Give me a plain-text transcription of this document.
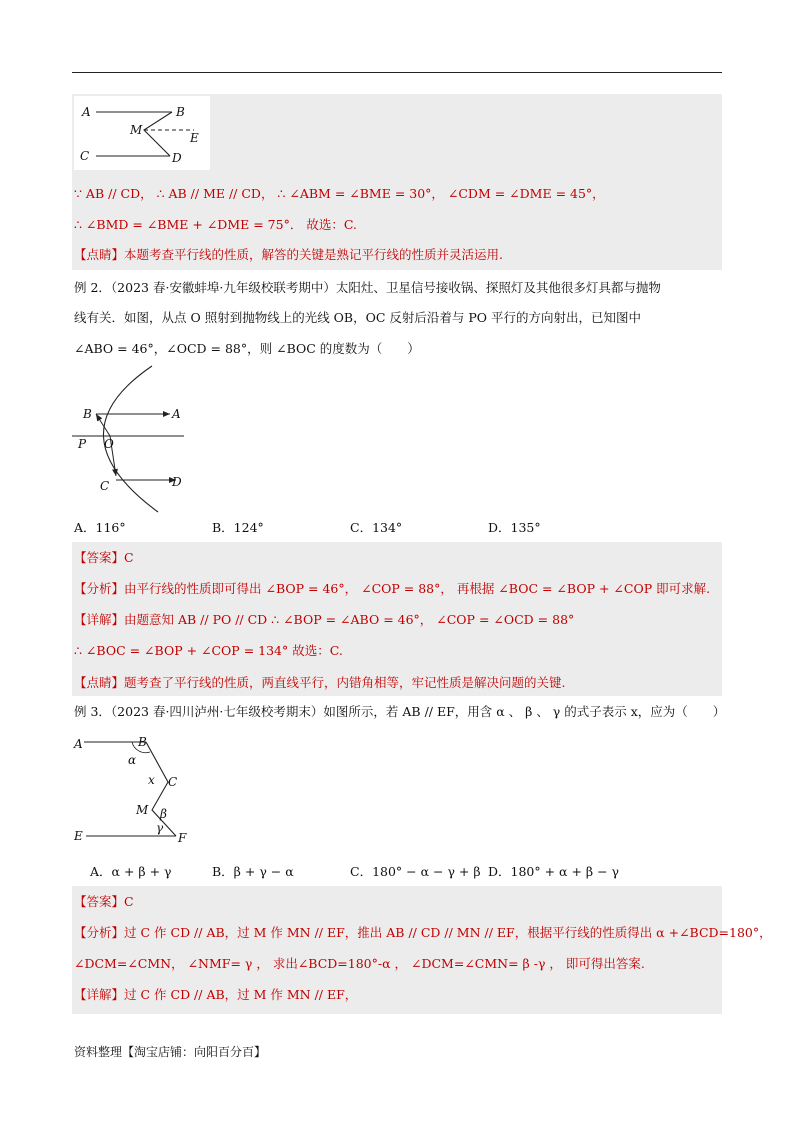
A	B
M
E
C	D
∵ AB // CD， ∴ AB // ME // CD， ∴ ∠ABM = ∠BME = 30°， ∠CDM = ∠DME = 45°，
∴ ∠BMD = ∠BME + ∠DME = 75°． 故选：C.
【点睛】本题考查平行线的性质，解答的关键是熟记平行线的性质并灵活运用.
例 2．（2023 春·安徽蚌埠·九年级校联考期中）太阳灶、卫星信号接收锅、探照灯及其他很多灯具都与抛物
线有关．如图，从点 O 照射到抛物线上的光线 OB，OC 反射后沿着与 PO 平行的方向射出，已知图中
∠ABO = 46°，∠OCD = 88°，则 ∠BOC 的度数为（　　）
B	A
P O
C	D
A．116°	B．124°	C．134°	D．135°
【答案】C
【分析】由平行线的性质即可得出 ∠BOP = 46°， ∠COP = 88°， 再根据 ∠BOC = ∠BOP + ∠COP 即可求解.
【详解】由题意知 AB // PO // CD ∴ ∠BOP = ∠ABO = 46°， ∠COP = ∠OCD = 88°
∴ ∠BOC = ∠BOP + ∠COP = 134° 故选：C.
【点睛】题考查了平行线的性质，两直线平行，内错角相等，牢记性质是解决问题的关键.
例 3．（2023 春·四川泸州·七年级校考期末）如图所示，若 AB // EF，用含 α 、 β 、 γ 的式子表示 x，应为（　　）
A	B
α
x C
M β
γ
E	F
A．α + β + γ	B．β + γ − α	C．180° − α − γ + β D．180° + α + β − γ
【答案】C
【分析】过 C 作 CD // AB，过 M 作 MN // EF，推出 AB // CD // MN // EF，根据平行线的性质得出 α +∠BCD=180°，
∠DCM=∠CMN， ∠NMF= γ ， 求出∠BCD=180°-α ， ∠DCM=∠CMN= β -γ ， 即可得出答案.
【详解】过 C 作 CD // AB，过 M 作 MN // EF，
资料整理【淘宝店铺：向阳百分百】
